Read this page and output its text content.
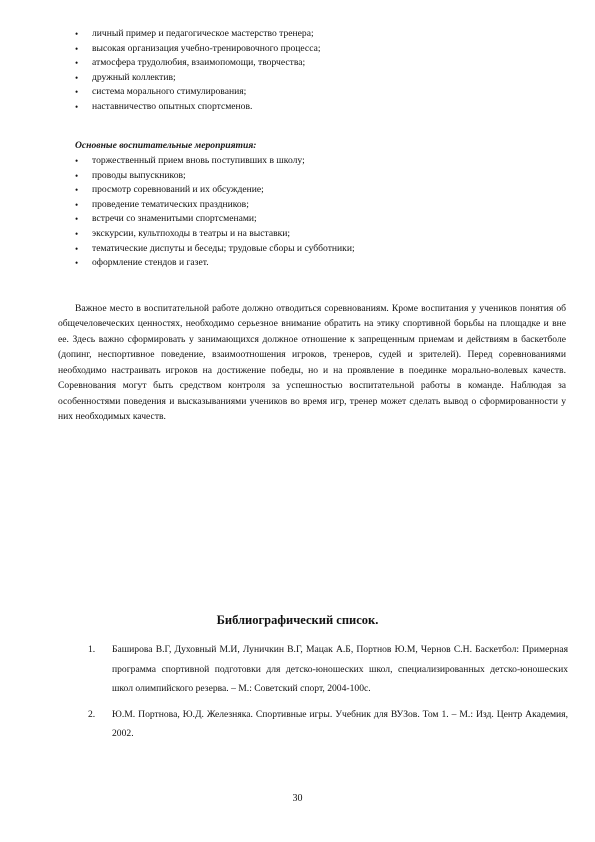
• личный пример и педагогическое мастерство тренера;
• высокая организация учебно-тренировочного процесса;
• атмосфера трудолюбия, взаимопомощи, творчества;
• дружный коллектив;
• система морального стимулирования;
• наставничество опытных спортсменов.
Основные воспитательные мероприятия:
• торжественный прием вновь поступивших в школу;
• проводы выпускников;
• просмотр соревнований и их обсуждение;
• проведение тематических праздников;
• встречи со знаменитыми спортсменами;
• экскурсии, культпоходы в театры и на выставки;
• тематические диспуты и беседы; трудовые сборы и субботники;
• оформление стендов и газет.

Важное место в воспитательной работе должно отводиться соревнованиям. Кроме воспитания у учеников понятия об общечеловеческих ценностях, необходимо серьезное внимание обратить на этику спортивной борьбы на площадке и вне ее. Здесь важно сформировать у занимающихся должное отношение к запрещенным приемам и действиям в баскетболе (допинг, неспортивное поведение, взаимоотношения игроков, тренеров, судей и зрителей). Перед соревнованиями необходимо настраивать игроков на достижение победы, но и на проявление в поединке морально-волевых качеств. Соревнования могут быть средством контроля за успешностью воспитательной работы в команде. Наблюдая за особенностями поведения и высказываниями учеников во время игр, тренер может сделать вывод о сформированности у них необходимых качеств.

Библиографический список.
1. Баширова В.Г, Духовный М.И, Луничкин В.Г, Мацак А.Б, Портнов Ю.М, Чернов С.Н. Баскетбол: Примерная программа спортивной подготовки для детско-юношеских школ, специализированных детско-юношеских школ олимпийского резерва. – М.: Советский спорт, 2004-100с.
2. Ю.М. Портнова, Ю.Д. Железняка. Спортивные игры. Учебник для ВУЗов. Том 1. – М.: Изд. Центр Академия, 2002.
30
